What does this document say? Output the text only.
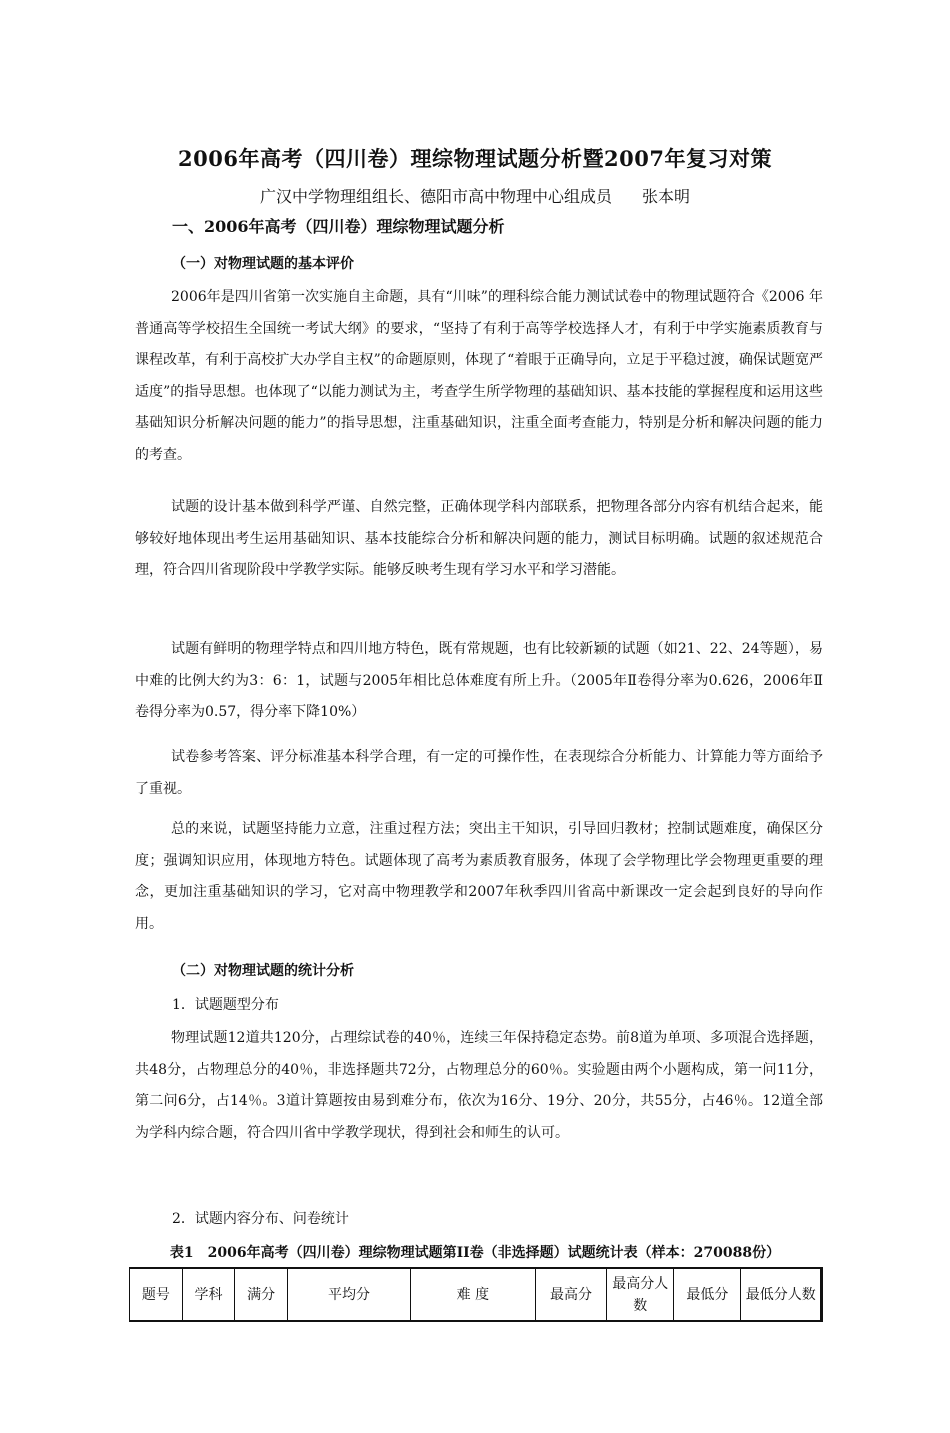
2006年高考（四川卷）理综物理试题分析暨2007年复习对策
广汉中学物理组组长、德阳市高中物理中心组成员 张本明
一、2006年高考（四川卷）理综物理试题分析
（一）对物理试题的基本评价

2006年是四川省第一次实施自主命题，具有“川味”的理科综合能力测试试卷中的物理试题符合《2006 年普通高等学校招生全国统一考试大纲》的要求，“坚持了有利于高等学校选择人才，有利于中学实施素质教育与课程改革，有利于高校扩大办学自主权”的命题原则，体现了“着眼于正确导向，立足于平稳过渡，确保试题宽严适度”的指导思想。也体现了“以能力测试为主，考查学生所学物理的基础知识、基本技能的掌握程度和运用这些基础知识分析解决问题的能力”的指导思想，注重基础知识，注重全面考查能力，特别是分析和解决问题的能力的考查。

试题的设计基本做到科学严谨、自然完整，正确体现学科内部联系，把物理各部分内容有机结合起来，能够较好地体现出考生运用基础知识、基本技能综合分析和解决问题的能力，测试目标明确。试题的叙述规范合理，符合四川省现阶段中学教学实际。能够反映考生现有学习水平和学习潜能。

试题有鲜明的物理学特点和四川地方特色，既有常规题，也有比较新颖的试题（如21、22、24等题），易中难的比例大约为3：6：1，试题与2005年相比总体难度有所上升。（2005年Ⅱ卷得分率为0.626，2006年Ⅱ卷得分率为0.57，得分率下降10%）

试卷参考答案、评分标准基本科学合理，有一定的可操作性，在表现综合分析能力、计算能力等方面给予了重视。

总的来说，试题坚持能力立意，注重过程方法；突出主干知识，引导回归教材；控制试题难度，确保区分度；强调知识应用，体现地方特色。试题体现了高考为素质教育服务，体现了会学物理比学会物理更重要的理念，更加注重基础知识的学习，它对高中物理教学和2007年秋季四川省高中新课改一定会起到良好的导向作用。

（二）对物理试题的统计分析
1．试题题型分布

物理试题12道共120分，占理综试卷的40％，连续三年保持稳定态势。前8道为单项、多项混合选择题，共48分，占物理总分的40％，非选择题共72分，占物理总分的60％。实验题由两个小题构成，第一问11分，第二问6分，占14％。3道计算题按由易到难分布，依次为16分、19分、20分，共55分，占46％。12道全部为学科内综合题，符合四川省中学教学现状，得到社会和师生的认可。

2．试题内容分布、问卷统计
表1　2006年高考（四川卷）理综物理试题第II卷（非选择题）试题统计表（样本：270088份）
题号	学科	满分	平均分	难 度	最高分	最高分人数	最低分	最低分人数
